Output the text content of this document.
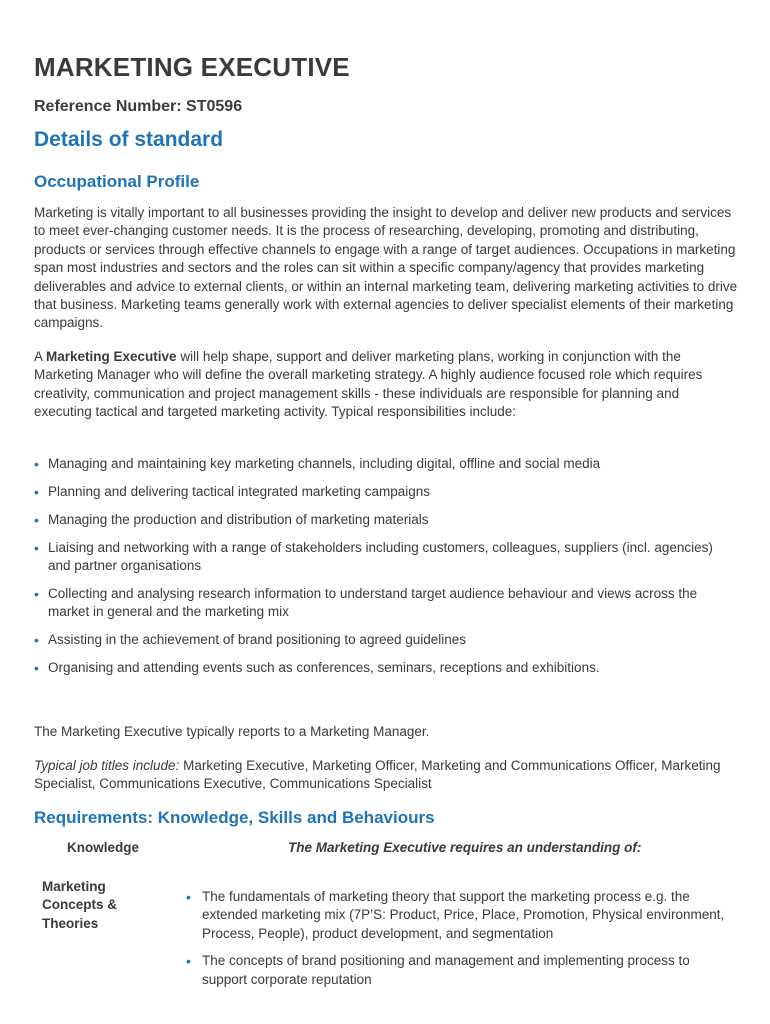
MARKETING EXECUTIVE
Reference Number: ST0596
Details of standard
Occupational Profile

Marketing is vitally important to all businesses providing the insight to develop and deliver new products and services to meet ever-changing customer needs. It is the process of researching, developing, promoting and distributing, products or services through effective channels to engage with a range of target audiences. Occupations in marketing span most industries and sectors and the roles can sit within a specific company/agency that provides marketing deliverables and advice to external clients, or within an internal marketing team, delivering marketing activities to drive that business. Marketing teams generally work with external agencies to deliver specialist elements of their marketing campaigns.

A Marketing Executive will help shape, support and deliver marketing plans, working in conjunction with the Marketing Manager who will define the overall marketing strategy. A highly audience focused role which requires creativity, communication and project management skills - these individuals are responsible for planning and executing tactical and targeted marketing activity. Typical responsibilities include:

• Managing and maintaining key marketing channels, including digital, offline and social media
• Planning and delivering tactical integrated marketing campaigns
• Managing the production and distribution of marketing materials
• Liaising and networking with a range of stakeholders including customers, colleagues, suppliers (incl. agencies) and partner organisations
• Collecting and analysing research information to understand target audience behaviour and views across the market in general and the marketing mix
• Assisting in the achievement of brand positioning to agreed guidelines
• Organising and attending events such as conferences, seminars, receptions and exhibitions.

The Marketing Executive typically reports to a Marketing Manager.

Typical job titles include: Marketing Executive, Marketing Officer, Marketing and Communications Officer, Marketing Specialist, Communications Executive, Communications Specialist

Requirements: Knowledge, Skills and Behaviours
Knowledge	The Marketing Executive requires an understanding of:
Marketing Concepts & Theories
• The fundamentals of marketing theory that support the marketing process e.g. the extended marketing mix (7P’S: Product, Price, Place, Promotion, Physical environment, Process, People), product development, and segmentation
• The concepts of brand positioning and management and implementing process to support corporate reputation
